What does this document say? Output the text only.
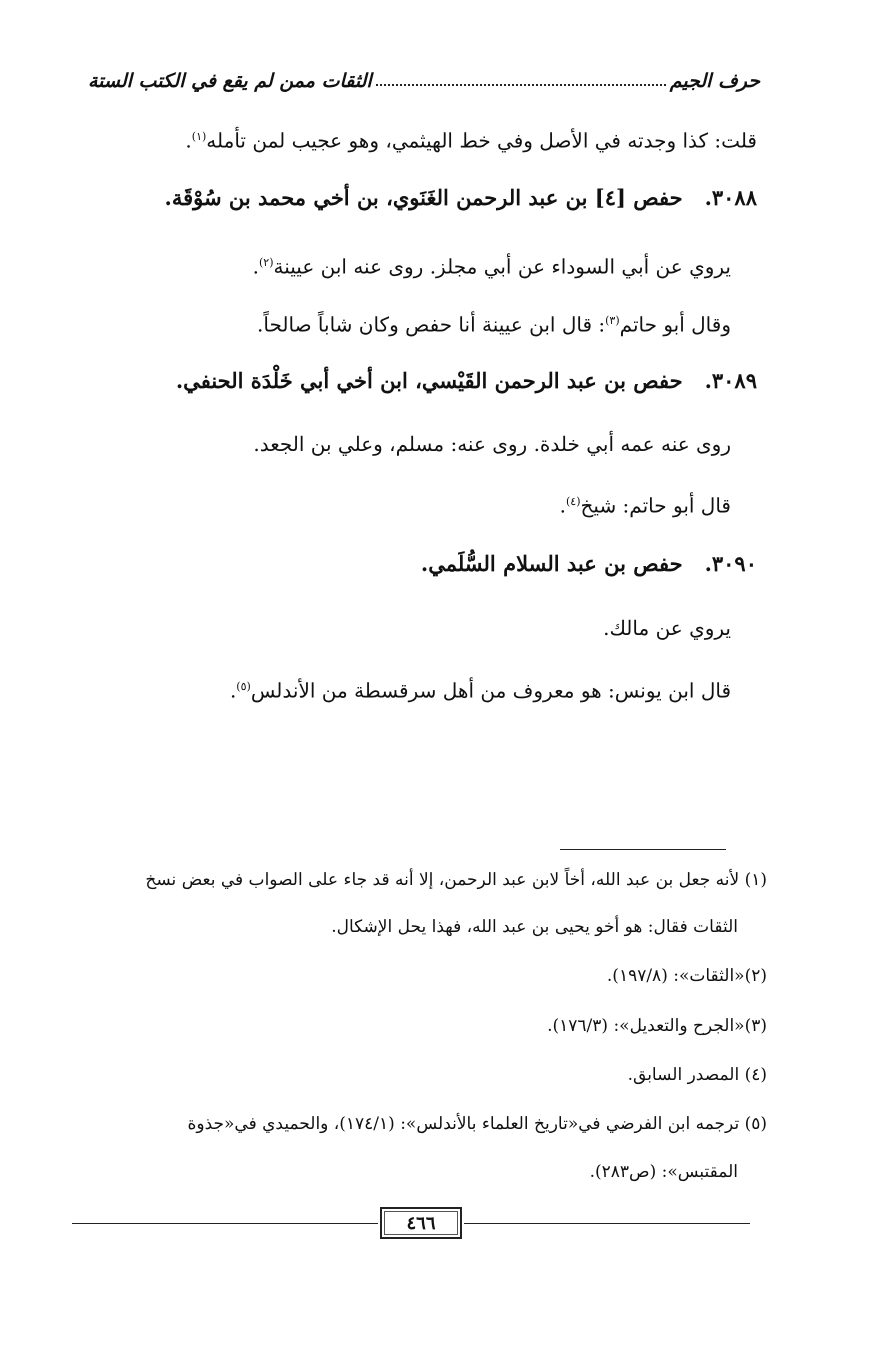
حرف الجيم
الثقات ممن لم يقع في الكتب الستة
قلت: كذا وجدته في الأصل وفي خط الهيثمي، وهو عجيب لمن تأمله$^{(١)}$.
٣٠٨٨.حفص [٤] بن عبد الرحمن الغَنَوي، بن أخي محمد بن سُوْقَة.
يروي عن أبي السوداء عن أبي مجلز. روى عنه ابن عيينة$^{(٢)}$.
وقال أبو حاتم$^{(٣)}$: قال ابن عيينة أنا حفص وكان شاباً صالحاً.
٣٠٨٩.حفص بن عبد الرحمن القَيْسي، ابن أخي أبي خَلْدَة الحنفي.
روى عنه عمه أبي خلدة. روى عنه: مسلم، وعلي بن الجعد.
قال أبو حاتم: شيخ$^{(٤)}$.
٣٠٩٠.حفص بن عبد السلام السُّلَمي.
يروي عن مالك.
قال ابن يونس: هو معروف من أهل سرقسطة من الأندلس$^{(٥)}$.
(١) لأنه جعل بن عبد الله، أخاً لابن عبد الرحمن، إلا أنه قد جاء على الصواب في بعض نسخ
الثقات فقال: هو أخو يحيى بن عبد الله، فهذا يحل الإشكال.
(٢)«الثقات»: (١٩٧/٨).
(٣)«الجرح والتعديل»: (١٧٦/٣).
(٤) المصدر السابق.
(٥) ترجمه ابن الفرضي في«تاريخ العلماء بالأندلس»: (١٧٤/١)، والحميدي في«جذوة
المقتبس»: (ص٢٨٣).
٤٦٦
